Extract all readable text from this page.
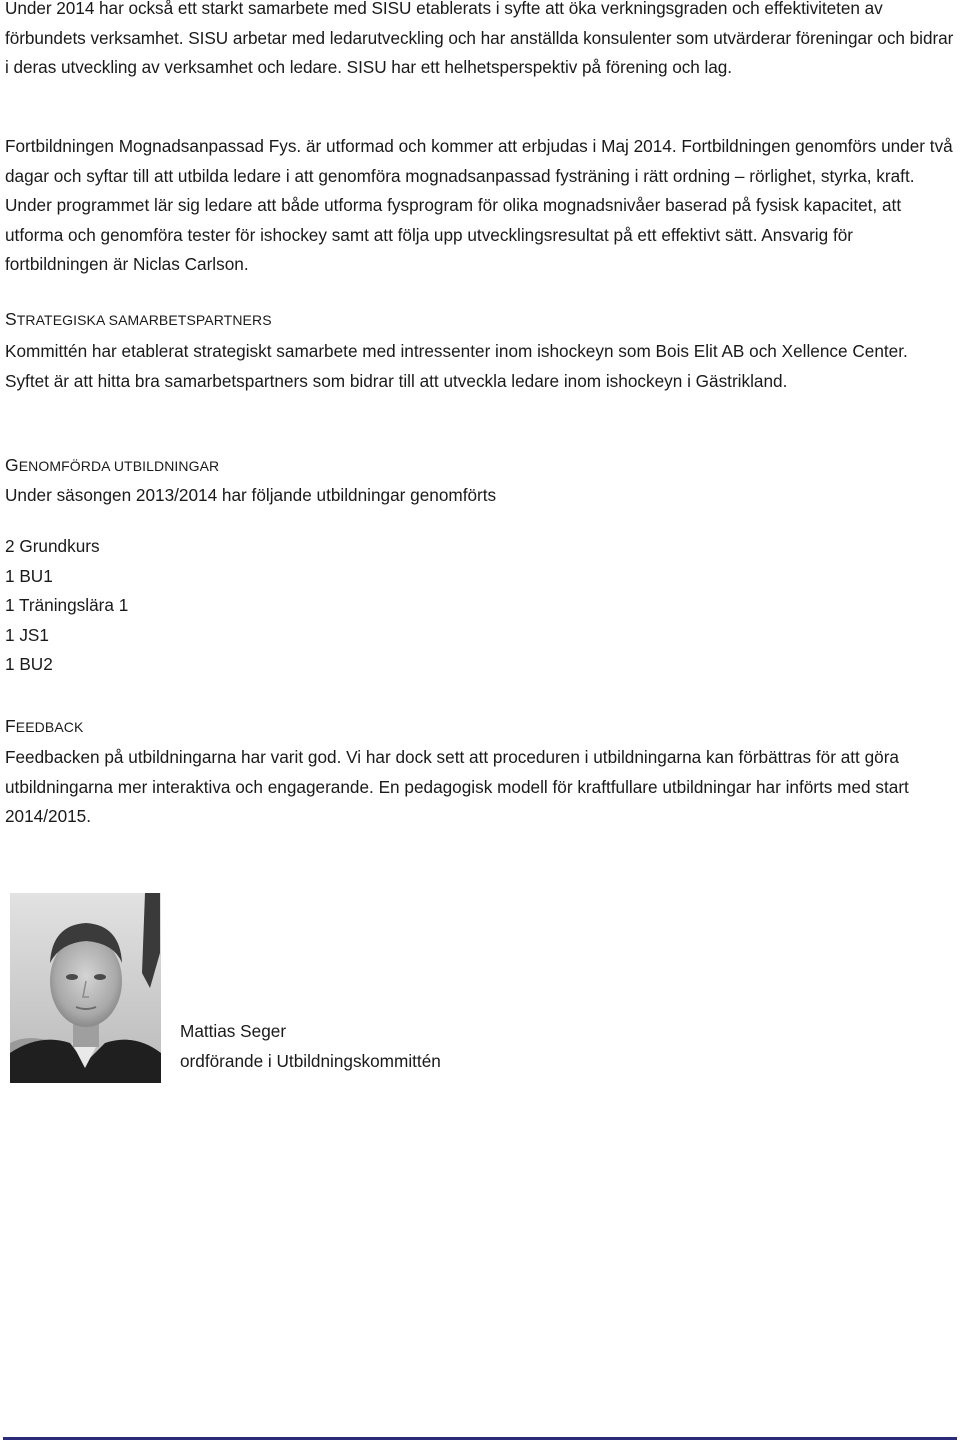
Under 2014 har också ett starkt samarbete med SISU etablerats i syfte att öka verkningsgraden och effektiviteten av förbundets verksamhet. SISU arbetar med ledarutveckling och har anställda konsulenter som utvärderar föreningar och bidrar i deras utveckling av verksamhet och ledare. SISU har ett helhetsperspektiv på förening och lag.

Fortbildningen Mognadsanpassad Fys. är utformad och kommer att erbjudas i Maj 2014. Fortbildningen genomförs under två dagar och syftar till att utbilda ledare i att genomföra mognadsanpassad fysträning i rätt ordning – rörlighet, styrka, kraft. Under programmet lär sig ledare att både utforma fysprogram för olika mognadsnivåer baserad på fysisk kapacitet, att utforma och genomföra tester för ishockey samt att följa upp utvecklingsresultat på ett effektivt sätt. Ansvarig för fortbildningen är Niclas Carlson.

STRATEGISKA SAMARBETSPARTNERS

Kommittén har etablerat strategiskt samarbete med intressenter inom ishockeyn som Bois Elit AB och Xellence Center. Syftet är att hitta bra samarbetspartners som bidrar till att utveckla ledare inom ishockeyn i Gästrikland.

GENOMFÖRDA UTBILDNINGAR

Under säsongen 2013/2014 har följande utbildningar genomförts

2 Grundkurs
1 BU1
1 Träningslära 1
1 JS1
1 BU2
FEEDBACK

Feedbacken på utbildningarna har varit god. Vi har dock sett att proceduren i utbildningarna kan förbättras för att göra utbildningarna mer interaktiva och engagerande. En pedagogisk modell för kraftfullare utbildningar har införts med start 2014/2015.

Mattias Seger

ordförande i Utbildningskommittén
